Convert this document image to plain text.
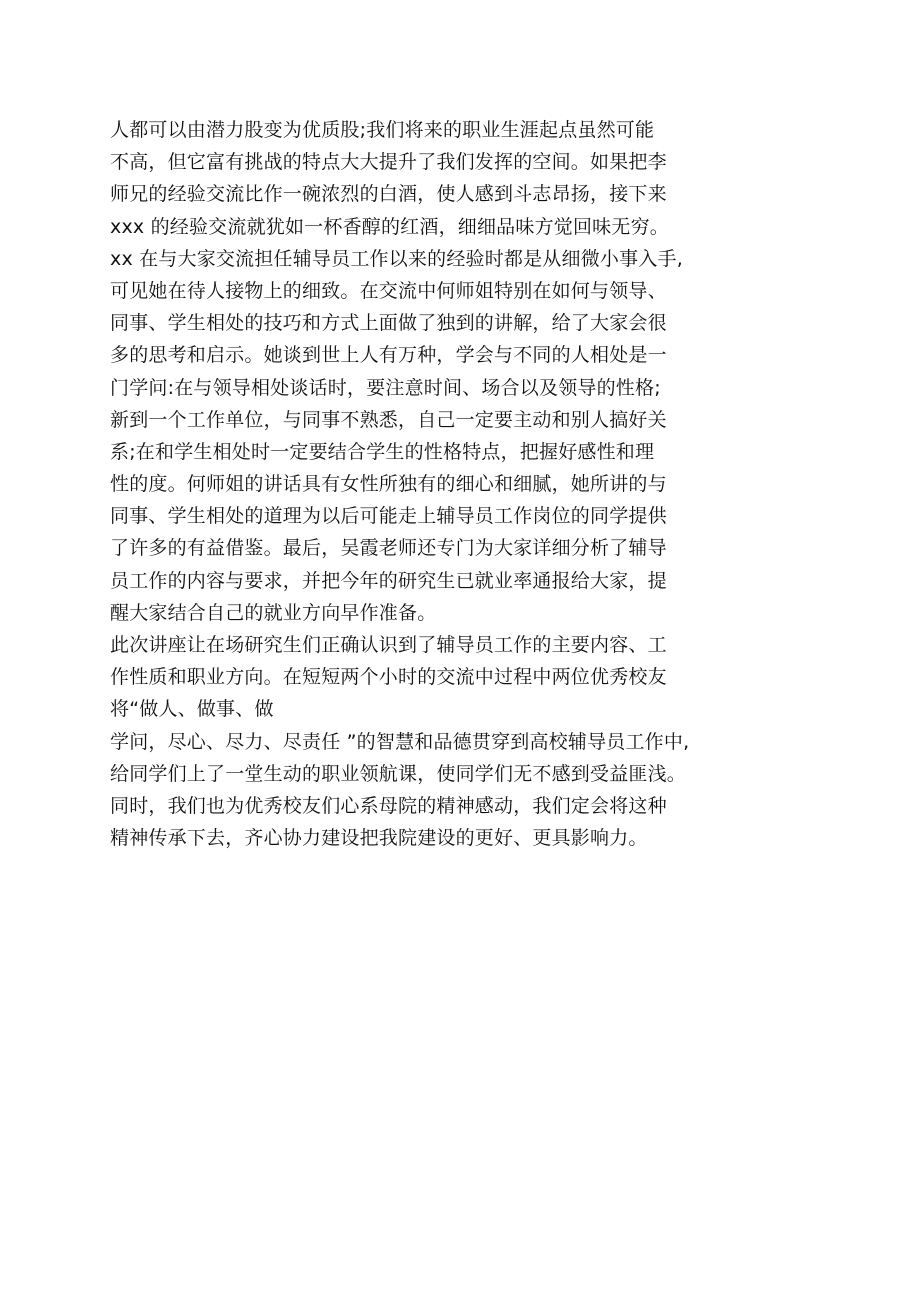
人都可以由潜力股变为优质股;我们将来的职业生涯起点虽然可能
不高，但它富有挑战的特点大大提升了我们发挥的空间。如果把李
师兄的经验交流比作一碗浓烈的白酒，使人感到斗志昂扬，接下来
xxx 的经验交流就犹如一杯香醇的红酒，细细品味方觉回味无穷。
xx 在与大家交流担任辅导员工作以来的经验时都是从细微小事入手,
可见她在待人接物上的细致。在交流中何师姐特别在如何与领导、
同事、学生相处的技巧和方式上面做了独到的讲解，给了大家会很
多的思考和启示。她谈到世上人有万种，学会与不同的人相处是一
门学问:在与领导相处谈话时，要注意时间、场合以及领导的性格;
新到一个工作单位，与同事不熟悉，自己一定要主动和别人搞好关
系;在和学生相处时一定要结合学生的性格特点，把握好感性和理
性的度。何师姐的讲话具有女性所独有的细心和细腻，她所讲的与
同事、学生相处的道理为以后可能走上辅导员工作岗位的同学提供
了许多的有益借鉴。最后，吴霞老师还专门为大家详细分析了辅导
员工作的内容与要求，并把今年的研究生已就业率通报给大家，提
醒大家结合自己的就业方向早作准备。
此次讲座让在场研究生们正确认识到了辅导员工作的主要内容、工
作性质和职业方向。在短短两个小时的交流中过程中两位优秀校友
将“做人、做事、做
学问，尽心、尽力、尽责任 ”的智慧和品德贯穿到高校辅导员工作中,
给同学们上了一堂生动的职业领航课，使同学们无不感到受益匪浅。
同时，我们也为优秀校友们心系母院的精神感动，我们定会将这种
精神传承下去，齐心协力建设把我院建设的更好、更具影响力。
